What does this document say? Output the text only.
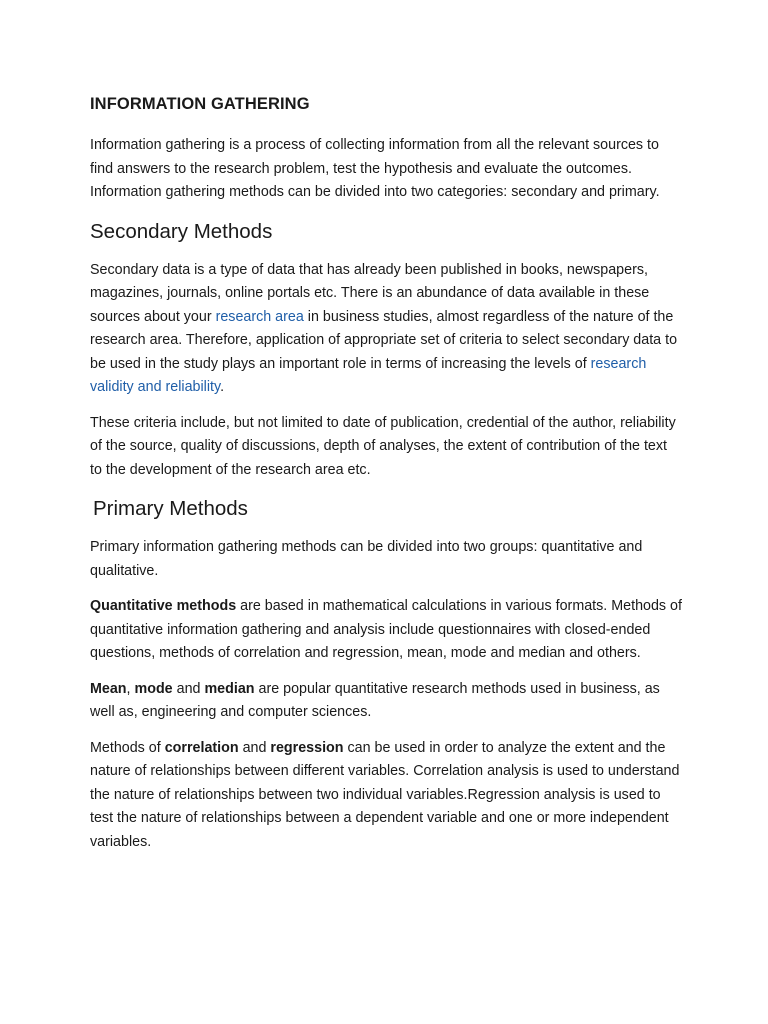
INFORMATION GATHERING

Information gathering is a process of collecting information from all the relevant sources to find answers to the research problem, test the hypothesis and evaluate the outcomes. Information gathering methods can be divided into two categories: secondary and primary.

Secondary Methods

Secondary data is a type of data that has already been published in books, newspapers, magazines, journals, online portals etc. There is an abundance of data available in these sources about your research area in business studies, almost regardless of the nature of the research area. Therefore, application of appropriate set of criteria to select secondary data to be used in the study plays an important role in terms of increasing the levels of research validity and reliability.

These criteria include, but not limited to date of publication, credential of the author, reliability of the source, quality of discussions, depth of analyses, the extent of contribution of the text to the development of the research area etc.

Primary Methods

Primary information gathering methods can be divided into two groups: quantitative and qualitative.

Quantitative methods are based in mathematical calculations in various formats. Methods of quantitative information gathering and analysis include questionnaires with closed-ended questions, methods of correlation and regression, mean, mode and median and others.

Mean, mode and median are popular quantitative research methods used in business, as well as, engineering and computer sciences.

Methods of correlation and regression can be used in order to analyze the extent and the nature of relationships between different variables. Correlation analysis is used to understand the nature of relationships between two individual variables.Regression analysis is used to test the nature of relationships between a dependent variable and one or more independent variables.
